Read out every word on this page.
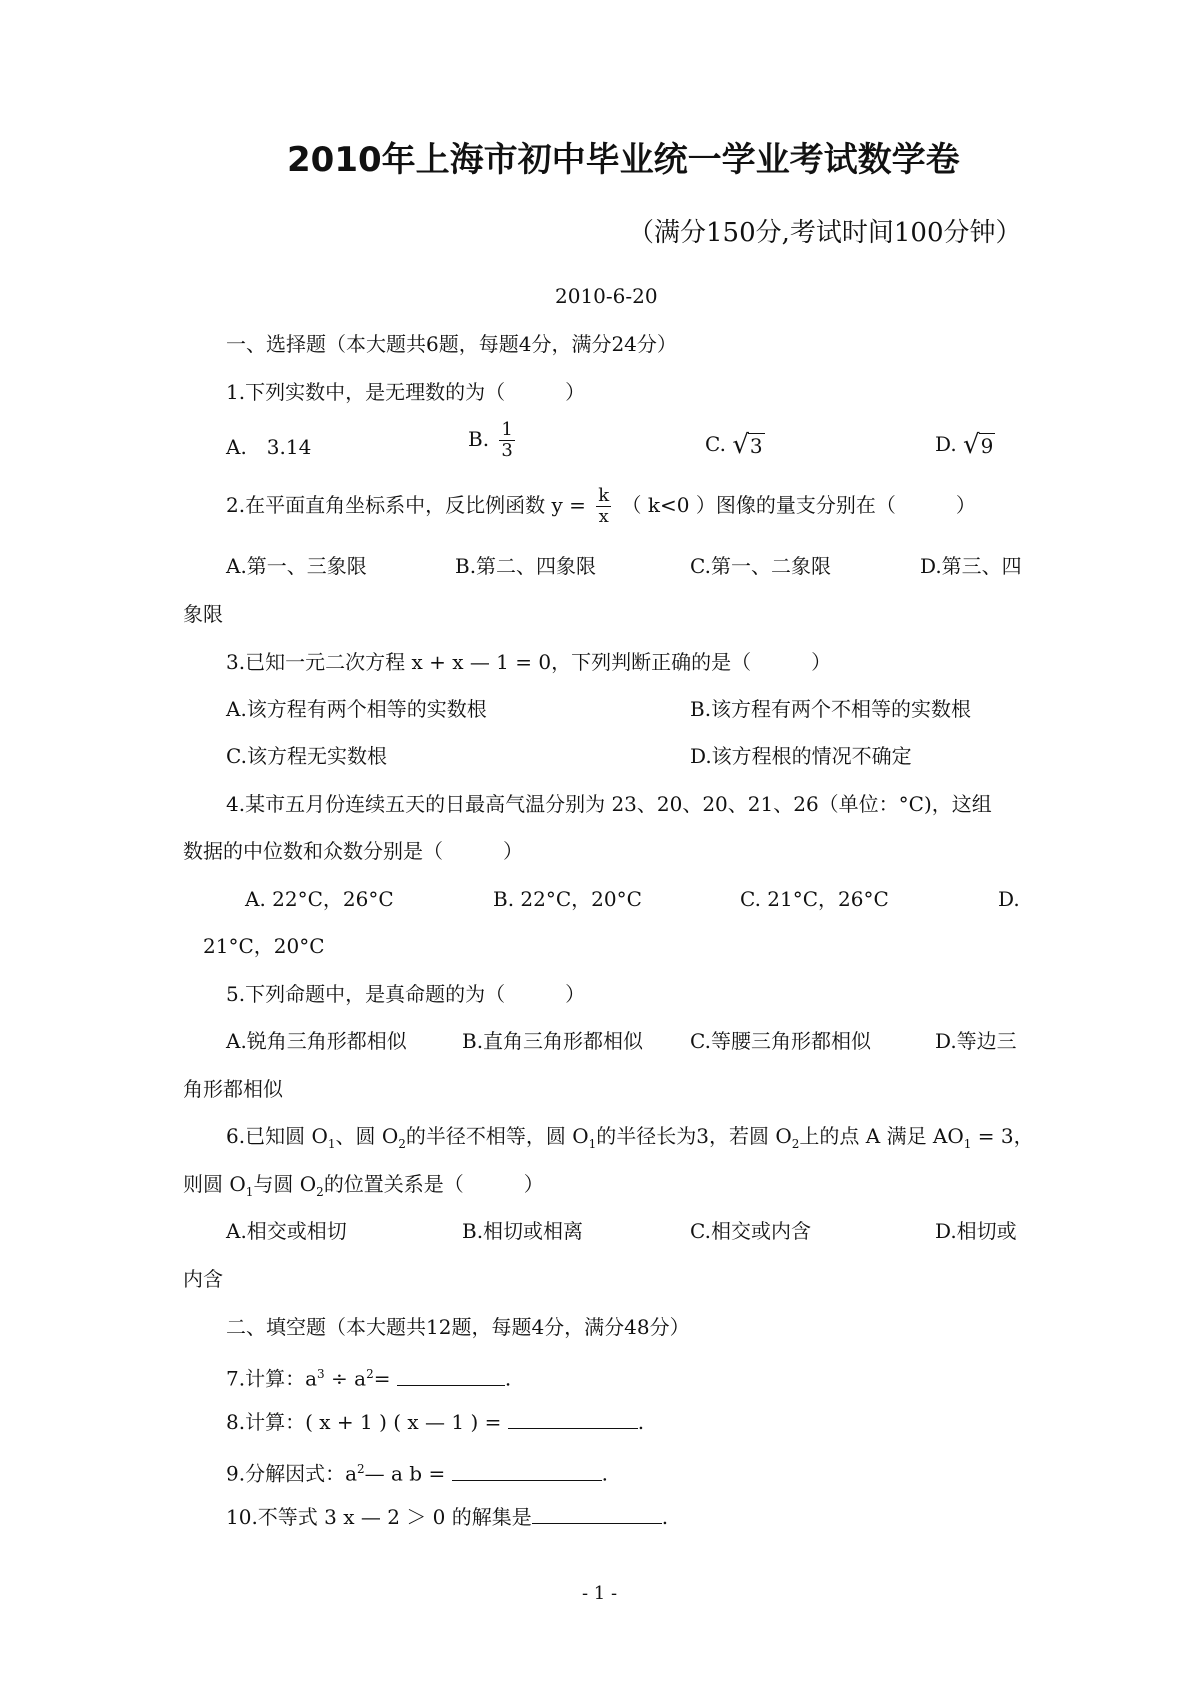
2010年上海市初中毕业统一学业考试数学卷
（满分150分,考试时间100分钟）
2010-6-20
一、选择题（本大题共6题，每题4分，满分24分）
1.下列实数中，是无理数的为（　　　）
A.　3.14	B. $\frac{1}{3}$	C. √3	D. √9
2.在平面直角坐标系中，反比例函数 $y = \frac{k}{x}$ （ k<0 ）图像的量支分别在（　　　）
A.第一、三象限	B.第二、四象限	C.第一、二象限	D.第三、四
象限
3.已知一元二次方程 x + x — 1 = 0，下列判断正确的是（　　　）
A.该方程有两个相等的实数根	B.该方程有两个不相等的实数根
C.该方程无实数根	D.该方程根的情况不确定
4.某市五月份连续五天的日最高气温分别为 23、20、20、21、26（单位：°C)，这组
数据的中位数和众数分别是（　　　）
A. 22°C，26°C	B. 22°C，20°C	C. 21°C，26°C	D.
21°C，20°C
5.下列命题中，是真命题的为（　　　）
A.锐角三角形都相似	B.直角三角形都相似 C.等腰三角形都相似	D.等边三
角形都相似
6.已知圆 $O_1$、圆 $O_2$的半径不相等，圆 $O_1$的半径长为3，若圆 $O_2$上的点 A 满足 $AO_1 = 3$，
则圆 $O_1$与圆 $O_2$的位置关系是（　　　）
A.相交或相切	B.相切或相离	C.相交或内含	D.相切或
内含
二、填空题（本大题共12题，每题4分，满分48分）
7.计算：$a^3 \div a^2=$	.
8.计算：( x + 1 ) ( x — 1 ) =	.
9.分解因式：$a^2—$ a b =	.
10.不等式 3 x — 2 ＞ 0 的解集是	.
- 1 -
